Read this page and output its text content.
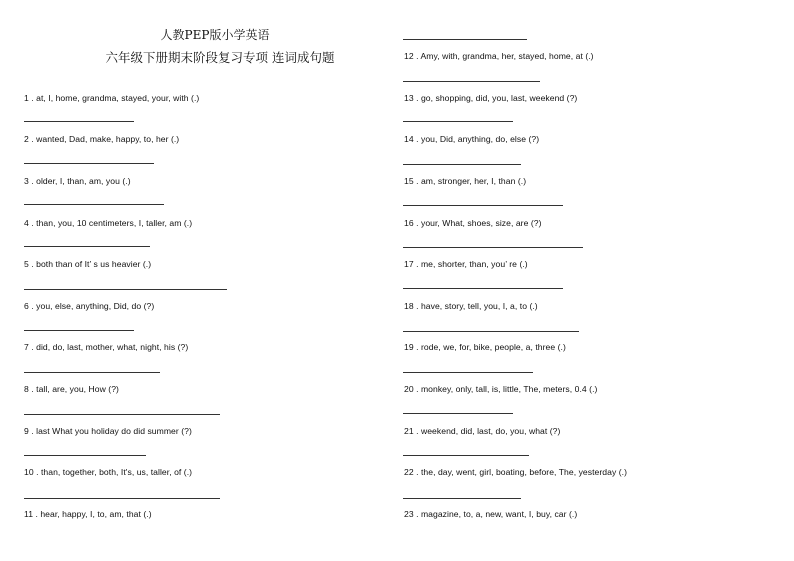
人教PEP版小学英语
六年级下册期末阶段复习专项 连词成句题
1 . at, I, home, grandma, stayed, your, with (.)
2 . wanted, Dad, make, happy, to, her (.)
3 . older, I, than, am, you (.)
4 . than, you, 10 centimeters, I, taller, am (.)
5 . both than of It’ s us heavier (.)
6 . you, else, anything, Did, do (?)
7 . did, do, last, mother, what, night, his (?)
8 . tall, are, you, How (?)
9 . last What you holiday do did summer (?)
10 . than, together, both, It's, us, taller, of (.)
11 . hear, happy, I, to, am, that (.)
12 . Amy, with, grandma, her, stayed, home, at (.)
13 . go, shopping, did, you, last, weekend (?)
14 . you, Did, anything, do, else (?)
15 . am, stronger, her, I, than (.)
16 . your, What, shoes, size, are (?)
17 . me, shorter, than, you’ re (.)
18 . have, story, tell, you, I, a, to (.)
19 . rode, we, for, bike, people, a, three (.)
20 . monkey, only, tall, is, little, The, meters, 0.4 (.)
21 . weekend, did, last, do, you, what (?)
22 . the, day, went, girl, boating, before, The, yesterday (.)
23 . magazine, to, a, new, want, I, buy, car (.)
